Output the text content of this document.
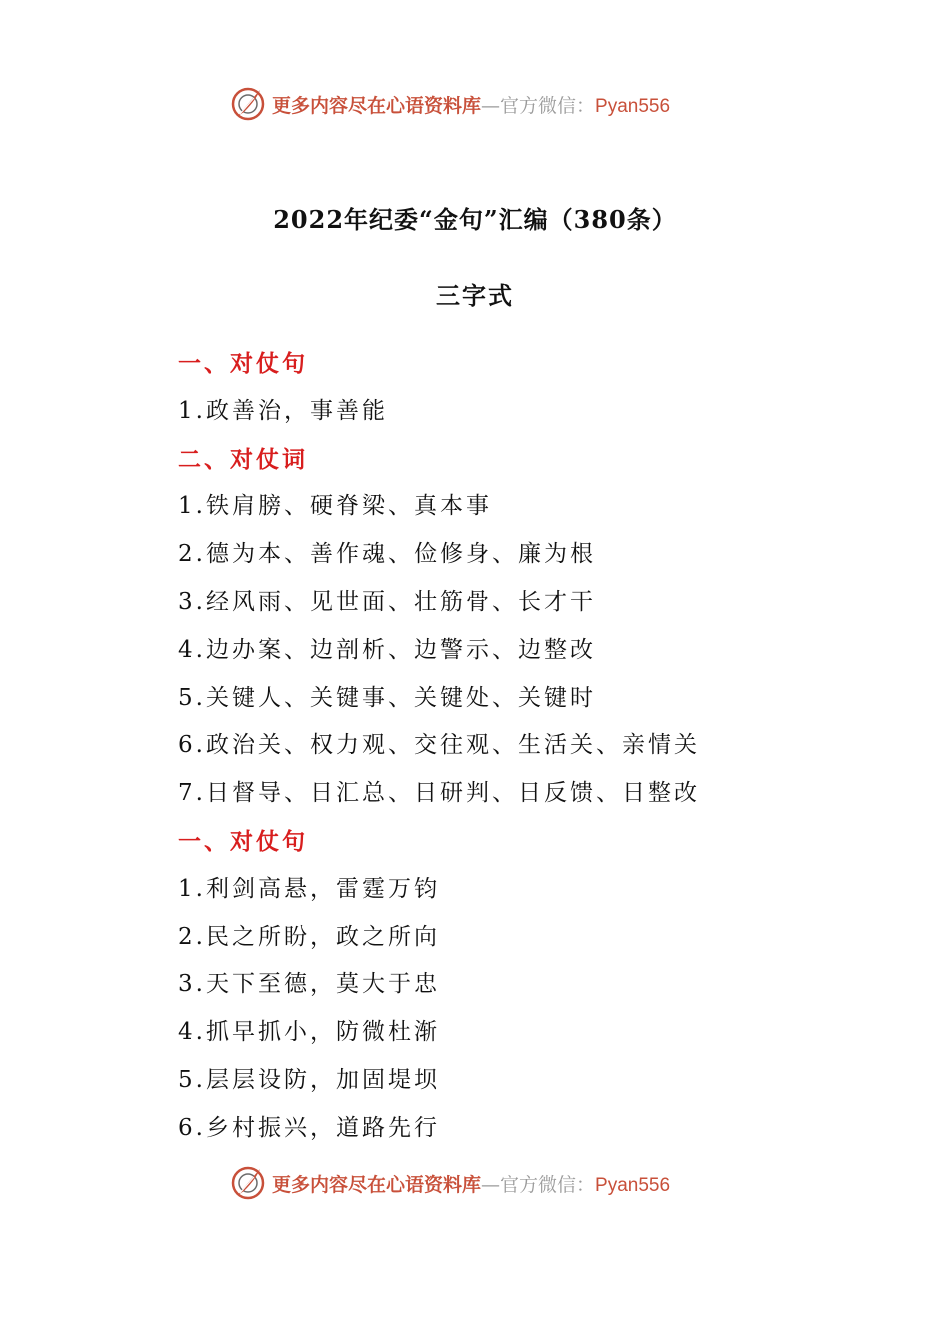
更多内容尽在心语资料库—官方微信：Pyan556
2022年纪委“金句”汇编（380条）
三字式
一、对仗句
1.政善治，事善能
二、对仗词
1.铁肩膀、硬脊梁、真本事
2.德为本、善作魂、俭修身、廉为根
3.经风雨、见世面、壮筋骨、长才干
4.边办案、边剖析、边警示、边整改
5.关键人、关键事、关键处、关键时
6.政治关、权力观、交往观、生活关、亲情关
7.日督导、日汇总、日研判、日反馈、日整改
一、对仗句
1.利剑高悬，雷霆万钧
2.民之所盼，政之所向
3.天下至德，莫大于忠
4.抓早抓小，防微杜渐
5.层层设防，加固堤坝
6.乡村振兴，道路先行
更多内容尽在心语资料库—官方微信：Pyan556
